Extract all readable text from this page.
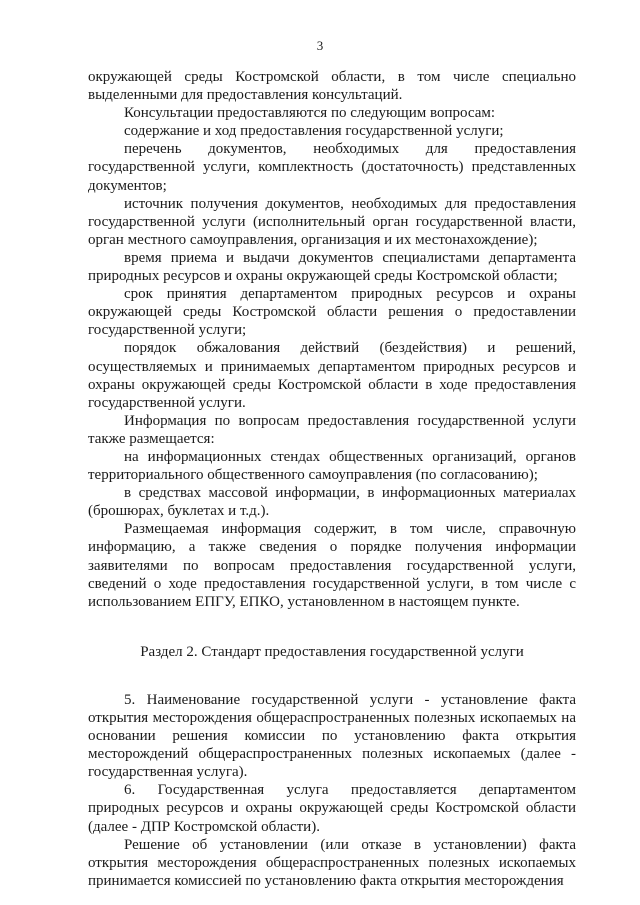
3

окружающей среды Костромской области, в том числе специально выделенными для предоставления консультаций.

Консультации предоставляются по следующим вопросам:

содержание и ход предоставления государственной услуги;

перечень документов, необходимых для предоставления государственной услуги, комплектность (достаточность) представленных документов;

источник получения документов, необходимых для предоставления государственной услуги (исполнительный орган государственной власти, орган местного самоуправления, организация и их местонахождение);

время приема и выдачи документов специалистами департамента природных ресурсов и охраны окружающей среды Костромской области;

срок принятия департаментом природных ресурсов и охраны окружающей среды Костромской области решения о предоставлении государственной услуги;

порядок обжалования действий (бездействия) и решений, осуществляемых и принимаемых департаментом природных ресурсов и охраны окружающей среды Костромской области в ходе предоставления государственной услуги.

Информация по вопросам предоставления государственной услуги также размещается:

на информационных стендах общественных организаций, органов территориального общественного самоуправления (по согласованию);

в средствах массовой информации, в информационных материалах (брошюрах, буклетах и т.д.).

Размещаемая информация содержит, в том числе, справочную информацию, а также сведения о порядке получения информации заявителями по вопросам предоставления государственной услуги, сведений о ходе предоставления государственной услуги, в том числе с использованием ЕПГУ, ЕПКО, установленном в настоящем пункте.

Раздел 2. Стандарт предоставления государственной услуги

5. Наименование государственной услуги - установление факта открытия месторождения общераспространенных полезных ископаемых на основании решения комиссии по установлению факта открытия месторождений общераспространенных полезных ископаемых (далее - государственная услуга).

6. Государственная услуга предоставляется департаментом природных ресурсов и охраны окружающей среды Костромской области (далее - ДПР Костромской области).

Решение об установлении (или отказе в установлении) факта открытия месторождения общераспространенных полезных ископаемых принимается комиссией по установлению факта открытия месторождения
